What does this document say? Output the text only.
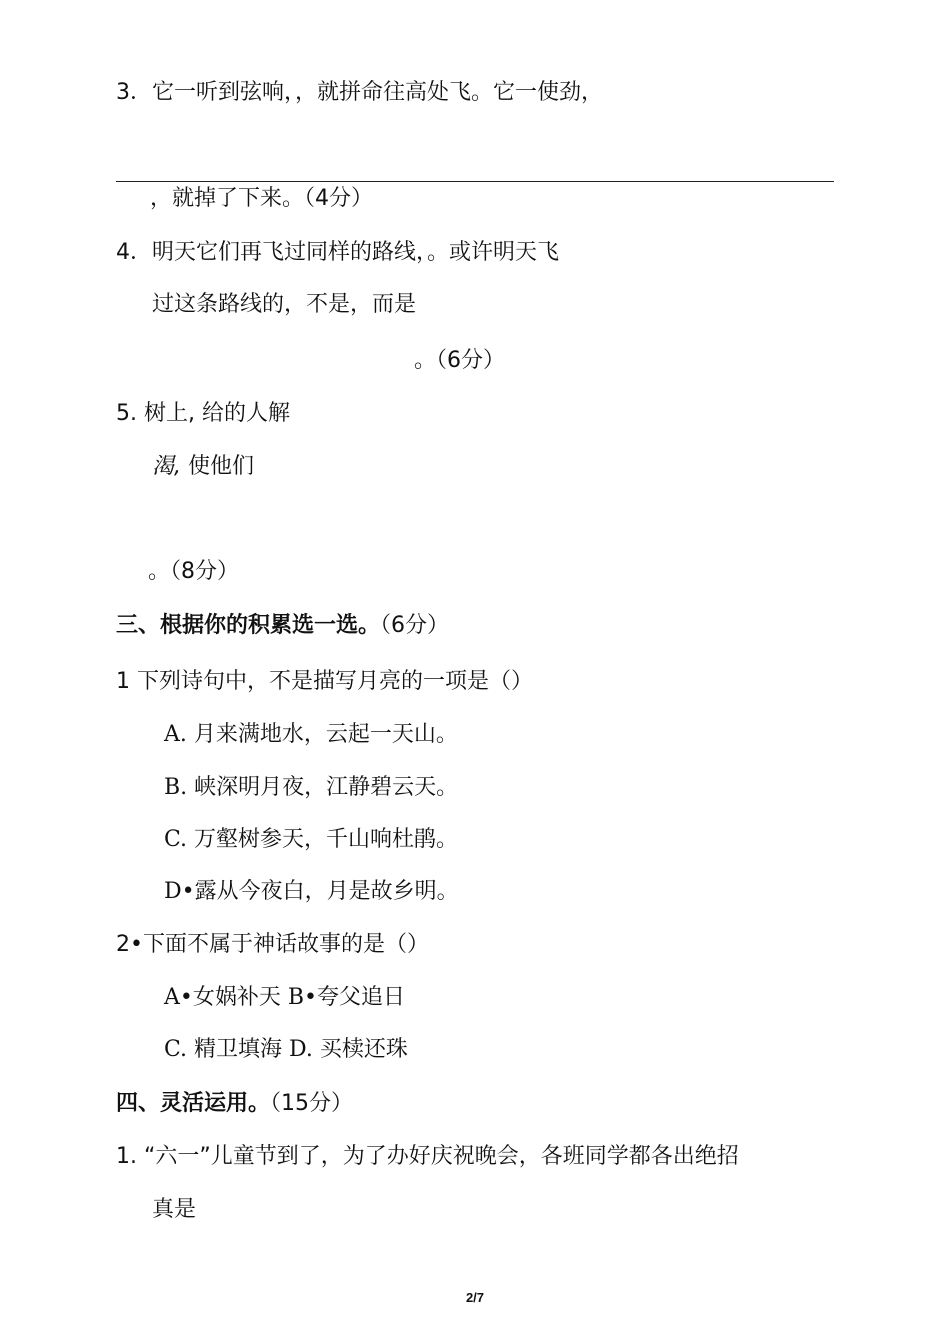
3．它一听到弦响，，就拼命往高处飞。它一使劲，
，就掉了下来。（4分）
4．明天它们再飞过同样的路线，。或许明天飞
过这条路线的，不是，而是
。（6分）
5. 树上, 给的人解
渴, 使他们
。（8分）
三、根据你的积累选一选。（6分）
1 下列诗句中，不是描写月亮的一项是（）
A. 月来满地水，云起一天山。
B. 峡深明月夜，江静碧云天。
C. 万壑树参天，千山响杜鹃。
D•露从今夜白，月是故乡明。
2•下面不属于神话故事的是（）
A•女娲补天 B•夸父追日
C. 精卫填海 D. 买椟还珠
四、灵活运用。（15分）
1. “六一”儿童节到了，为了办好庆祝晚会，各班同学都各出绝招
真是
2/7
